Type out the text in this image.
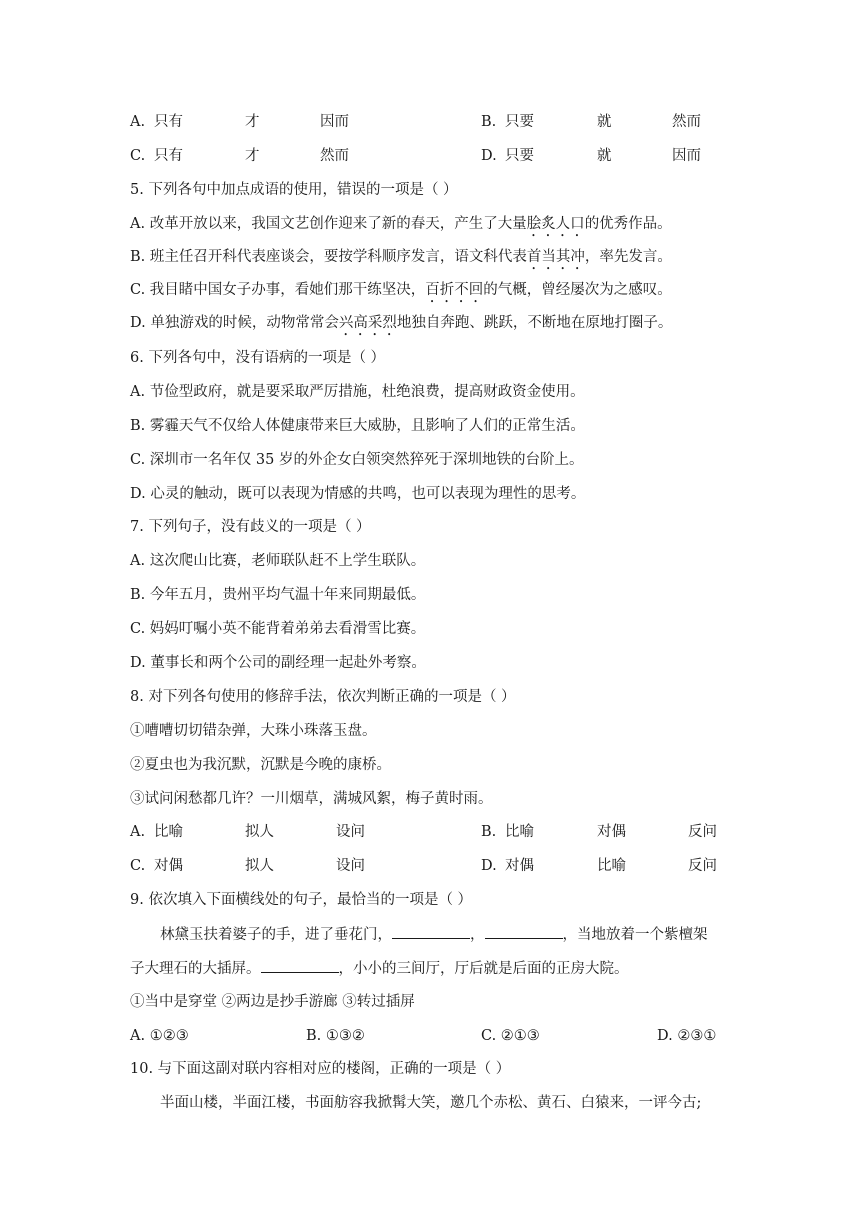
A. 只有	才	因而	B. 只要	就	然而
C. 只有	才	然而	D. 只要	就	因而
5. 下列各句中加点成语的使用，错误的一项是（ ）
A. 改革开放以来，我国文艺创作迎来了新的春天，产生了大量脍炙人口的优秀作品。
B. 班主任召开科代表座谈会，要按学科顺序发言，语文科代表首当其冲，率先发言。
C. 我目睹中国女子办事，看她们那干练坚决，百折不回的气概，曾经屡次为之感叹。
D. 单独游戏的时候，动物常常会兴高采烈地独自奔跑、跳跃，不断地在原地打圈子。
6. 下列各句中，没有语病的一项是（ ）
A. 节俭型政府，就是要采取严厉措施，杜绝浪费，提高财政资金使用。
B. 雾霾天气不仅给人体健康带来巨大威胁，且影响了人们的正常生活。
C. 深圳市一名年仅 35 岁的外企女白领突然猝死于深圳地铁的台阶上。
D. 心灵的触动，既可以表现为情感的共鸣，也可以表现为理性的思考。
7. 下列句子，没有歧义的一项是（ ）
A. 这次爬山比赛，老师联队赶不上学生联队。
B. 今年五月，贵州平均气温十年来同期最低。
C. 妈妈叮嘱小英不能背着弟弟去看滑雪比赛。
D. 董事长和两个公司的副经理一起赴外考察。
8. 对下列各句使用的修辞手法，依次判断正确的一项是（ ）
①嘈嘈切切错杂弹，大珠小珠落玉盘。
②夏虫也为我沉默，沉默是今晚的康桥。
③试问闲愁都几许？一川烟草，满城风絮，梅子黄时雨。
A. 比喻	拟人	设问	B. 比喻	对偶	反问
C. 对偶	拟人	设问	D. 对偶	比喻	反问
9. 依次填入下面横线处的句子，最恰当的一项是（ ）
林黛玉扶着婆子的手，进了垂花门，	，	，当地放着一个紫檀架
子大理石的大插屏。	，小小的三间厅，厅后就是后面的正房大院。
①当中是穿堂 ②两边是抄手游廊 ③转过插屏
A. ①②③	B. ①③②	C. ②①③	D. ②③①
10. 与下面这副对联内容相对应的楼阁，正确的一项是（ ）
半面山楼，半面江楼，书面舫容我掀髯大笑，邀几个赤松、黄石、白猿来，一评今古;
